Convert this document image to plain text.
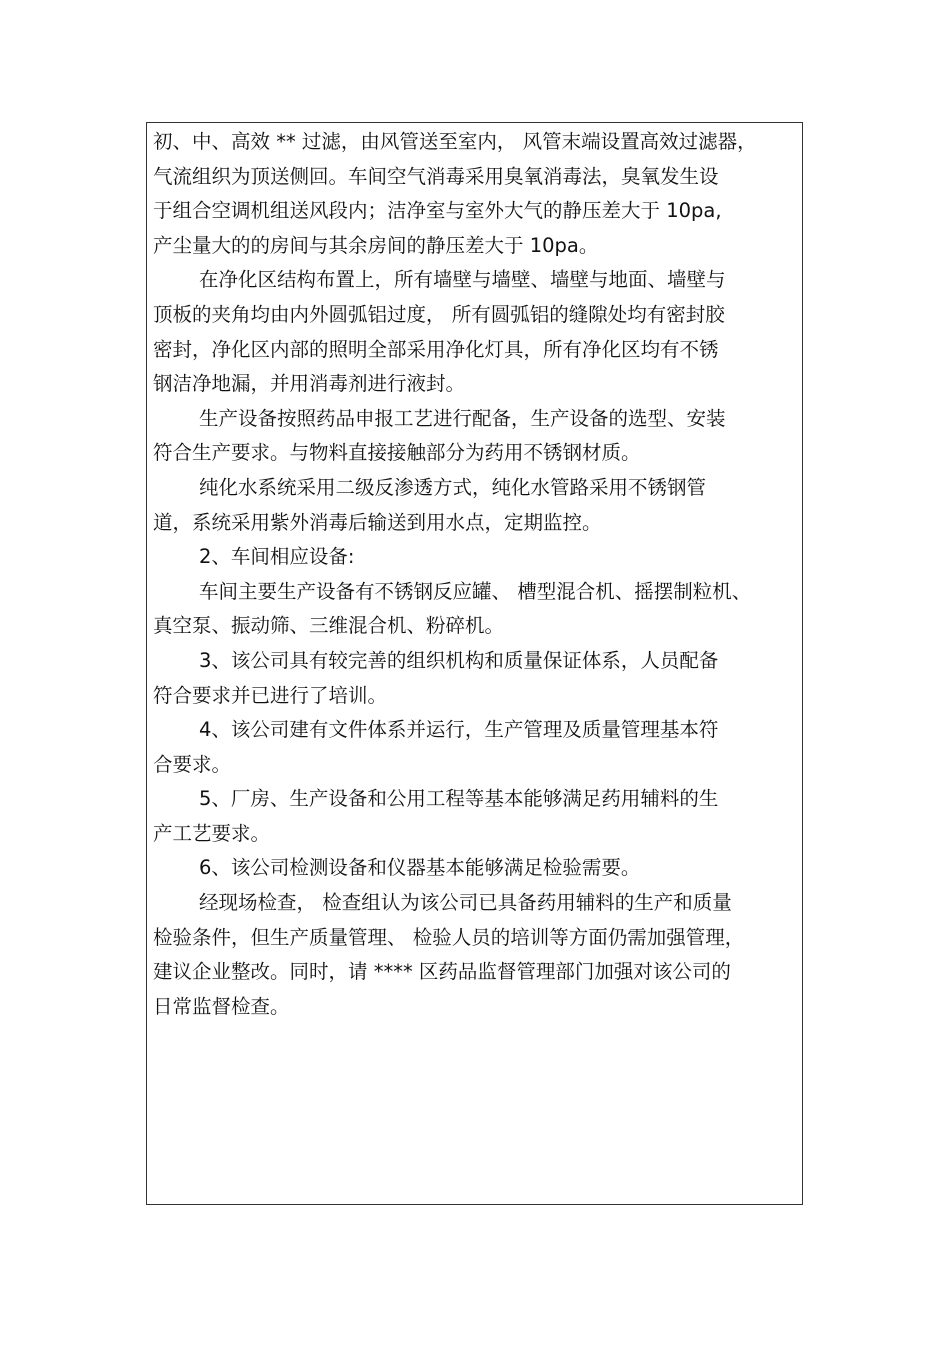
初、中、高效 ** 过滤，由风管送至室内， 风管末端设置高效过滤器，
气流组织为顶送侧回。车间空气消毒采用臭氧消毒法，臭氧发生设
于组合空调机组送风段内；洁净室与室外大气的静压差大于 10pa,
产尘量大的的房间与其余房间的静压差大于 10pa。
在净化区结构布置上，所有墙壁与墙壁、墙壁与地面、墙壁与
顶板的夹角均由内外圆弧铝过度， 所有圆弧铝的缝隙处均有密封胶
密封，净化区内部的照明全部采用净化灯具，所有净化区均有不锈
钢洁净地漏，并用消毒剂进行液封。
生产设备按照药品申报工艺进行配备，生产设备的选型、安装
符合生产要求。与物料直接接触部分为药用不锈钢材质。
纯化水系统采用二级反渗透方式，纯化水管路采用不锈钢管
道，系统采用紫外消毒后输送到用水点，定期监控。
2、车间相应设备:
车间主要生产设备有不锈钢反应罐、 槽型混合机、摇摆制粒机、
真空泵、振动筛、三维混合机、粉碎机。
3、该公司具有较完善的组织机构和质量保证体系，人员配备
符合要求并已进行了培训。
4、该公司建有文件体系并运行，生产管理及质量管理基本符
合要求。
5、厂房、生产设备和公用工程等基本能够满足药用辅料的生
产工艺要求。
6、该公司检测设备和仪器基本能够满足检验需要。
经现场检查， 检查组认为该公司已具备药用辅料的生产和质量
检验条件，但生产质量管理、 检验人员的培训等方面仍需加强管理，
建议企业整改。同时，请 **** 区药品监督管理部门加强对该公司的
日常监督检查。
